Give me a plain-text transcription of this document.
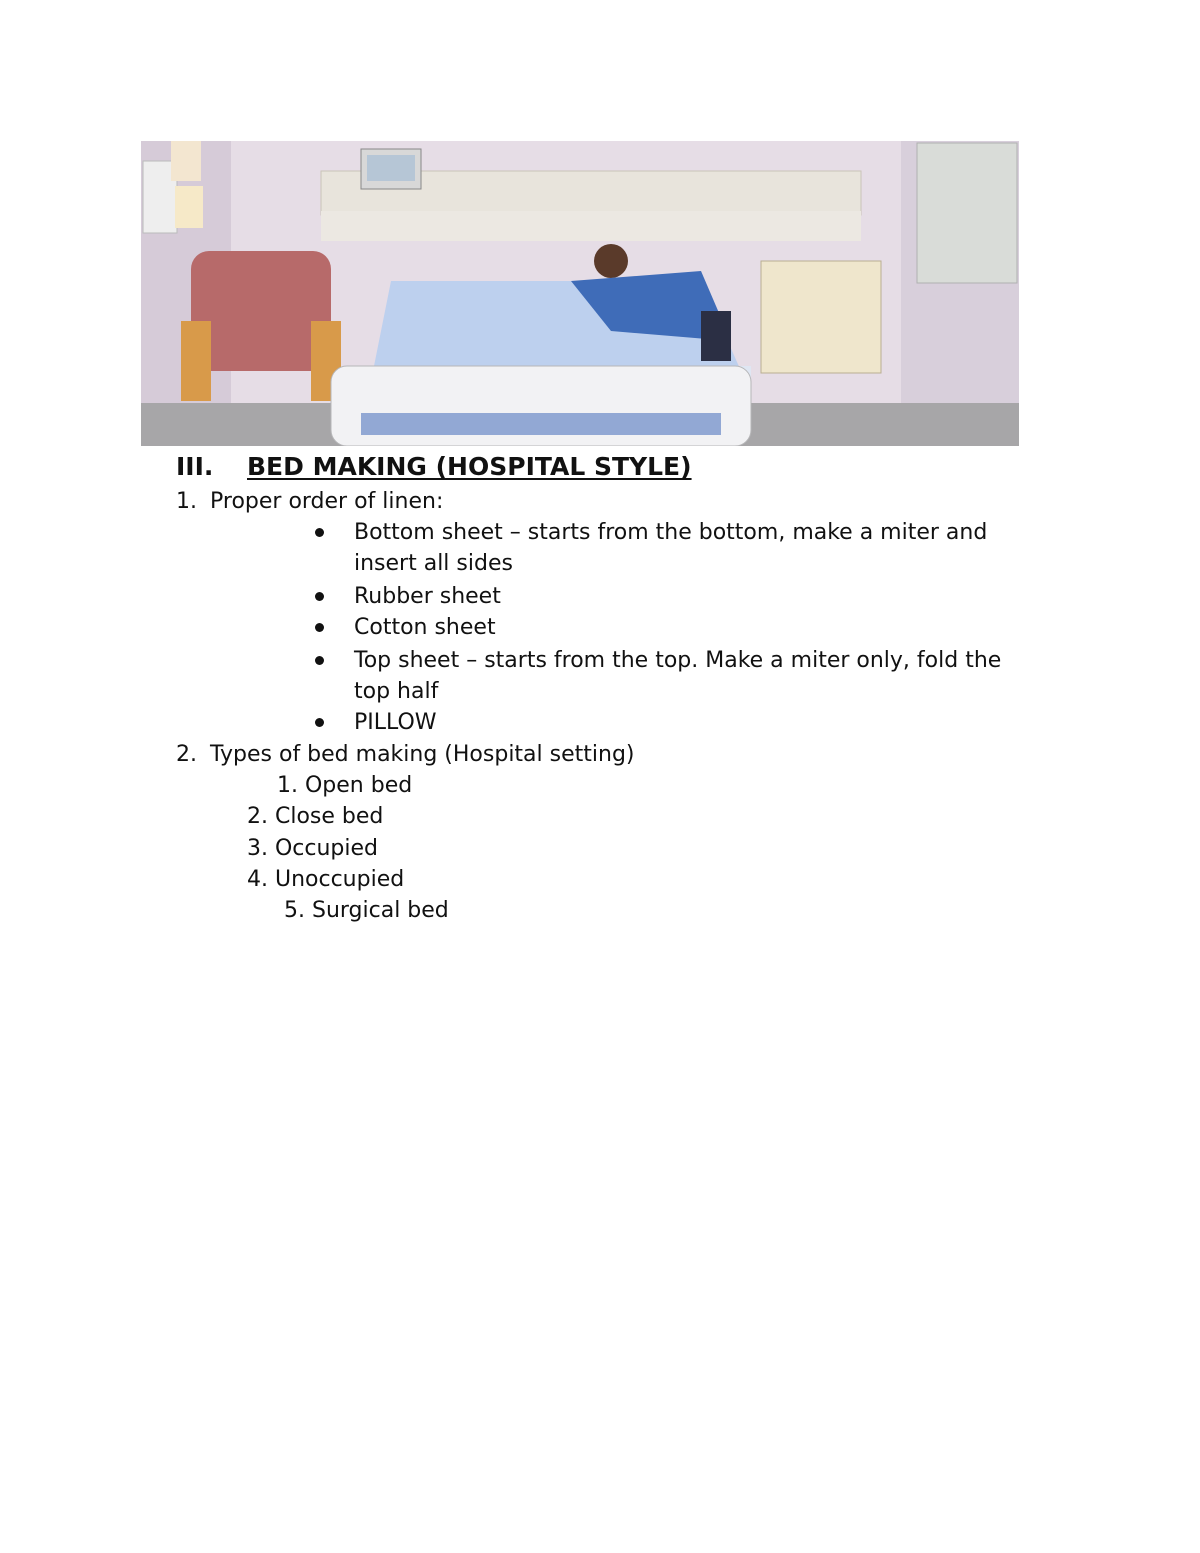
III. BED MAKING (HOSPITAL STYLE)
1. Proper order of linen:
Bottom sheet – starts from the bottom, make a miter and
insert all sides
Rubber sheet
Cotton sheet
Top sheet – starts from the top. Make a miter only, fold the
top half
PILLOW
2. Types of bed making (Hospital setting)
1. Open bed
2. Close bed
3. Occupied
4. Unoccupied
5. Surgical bed
